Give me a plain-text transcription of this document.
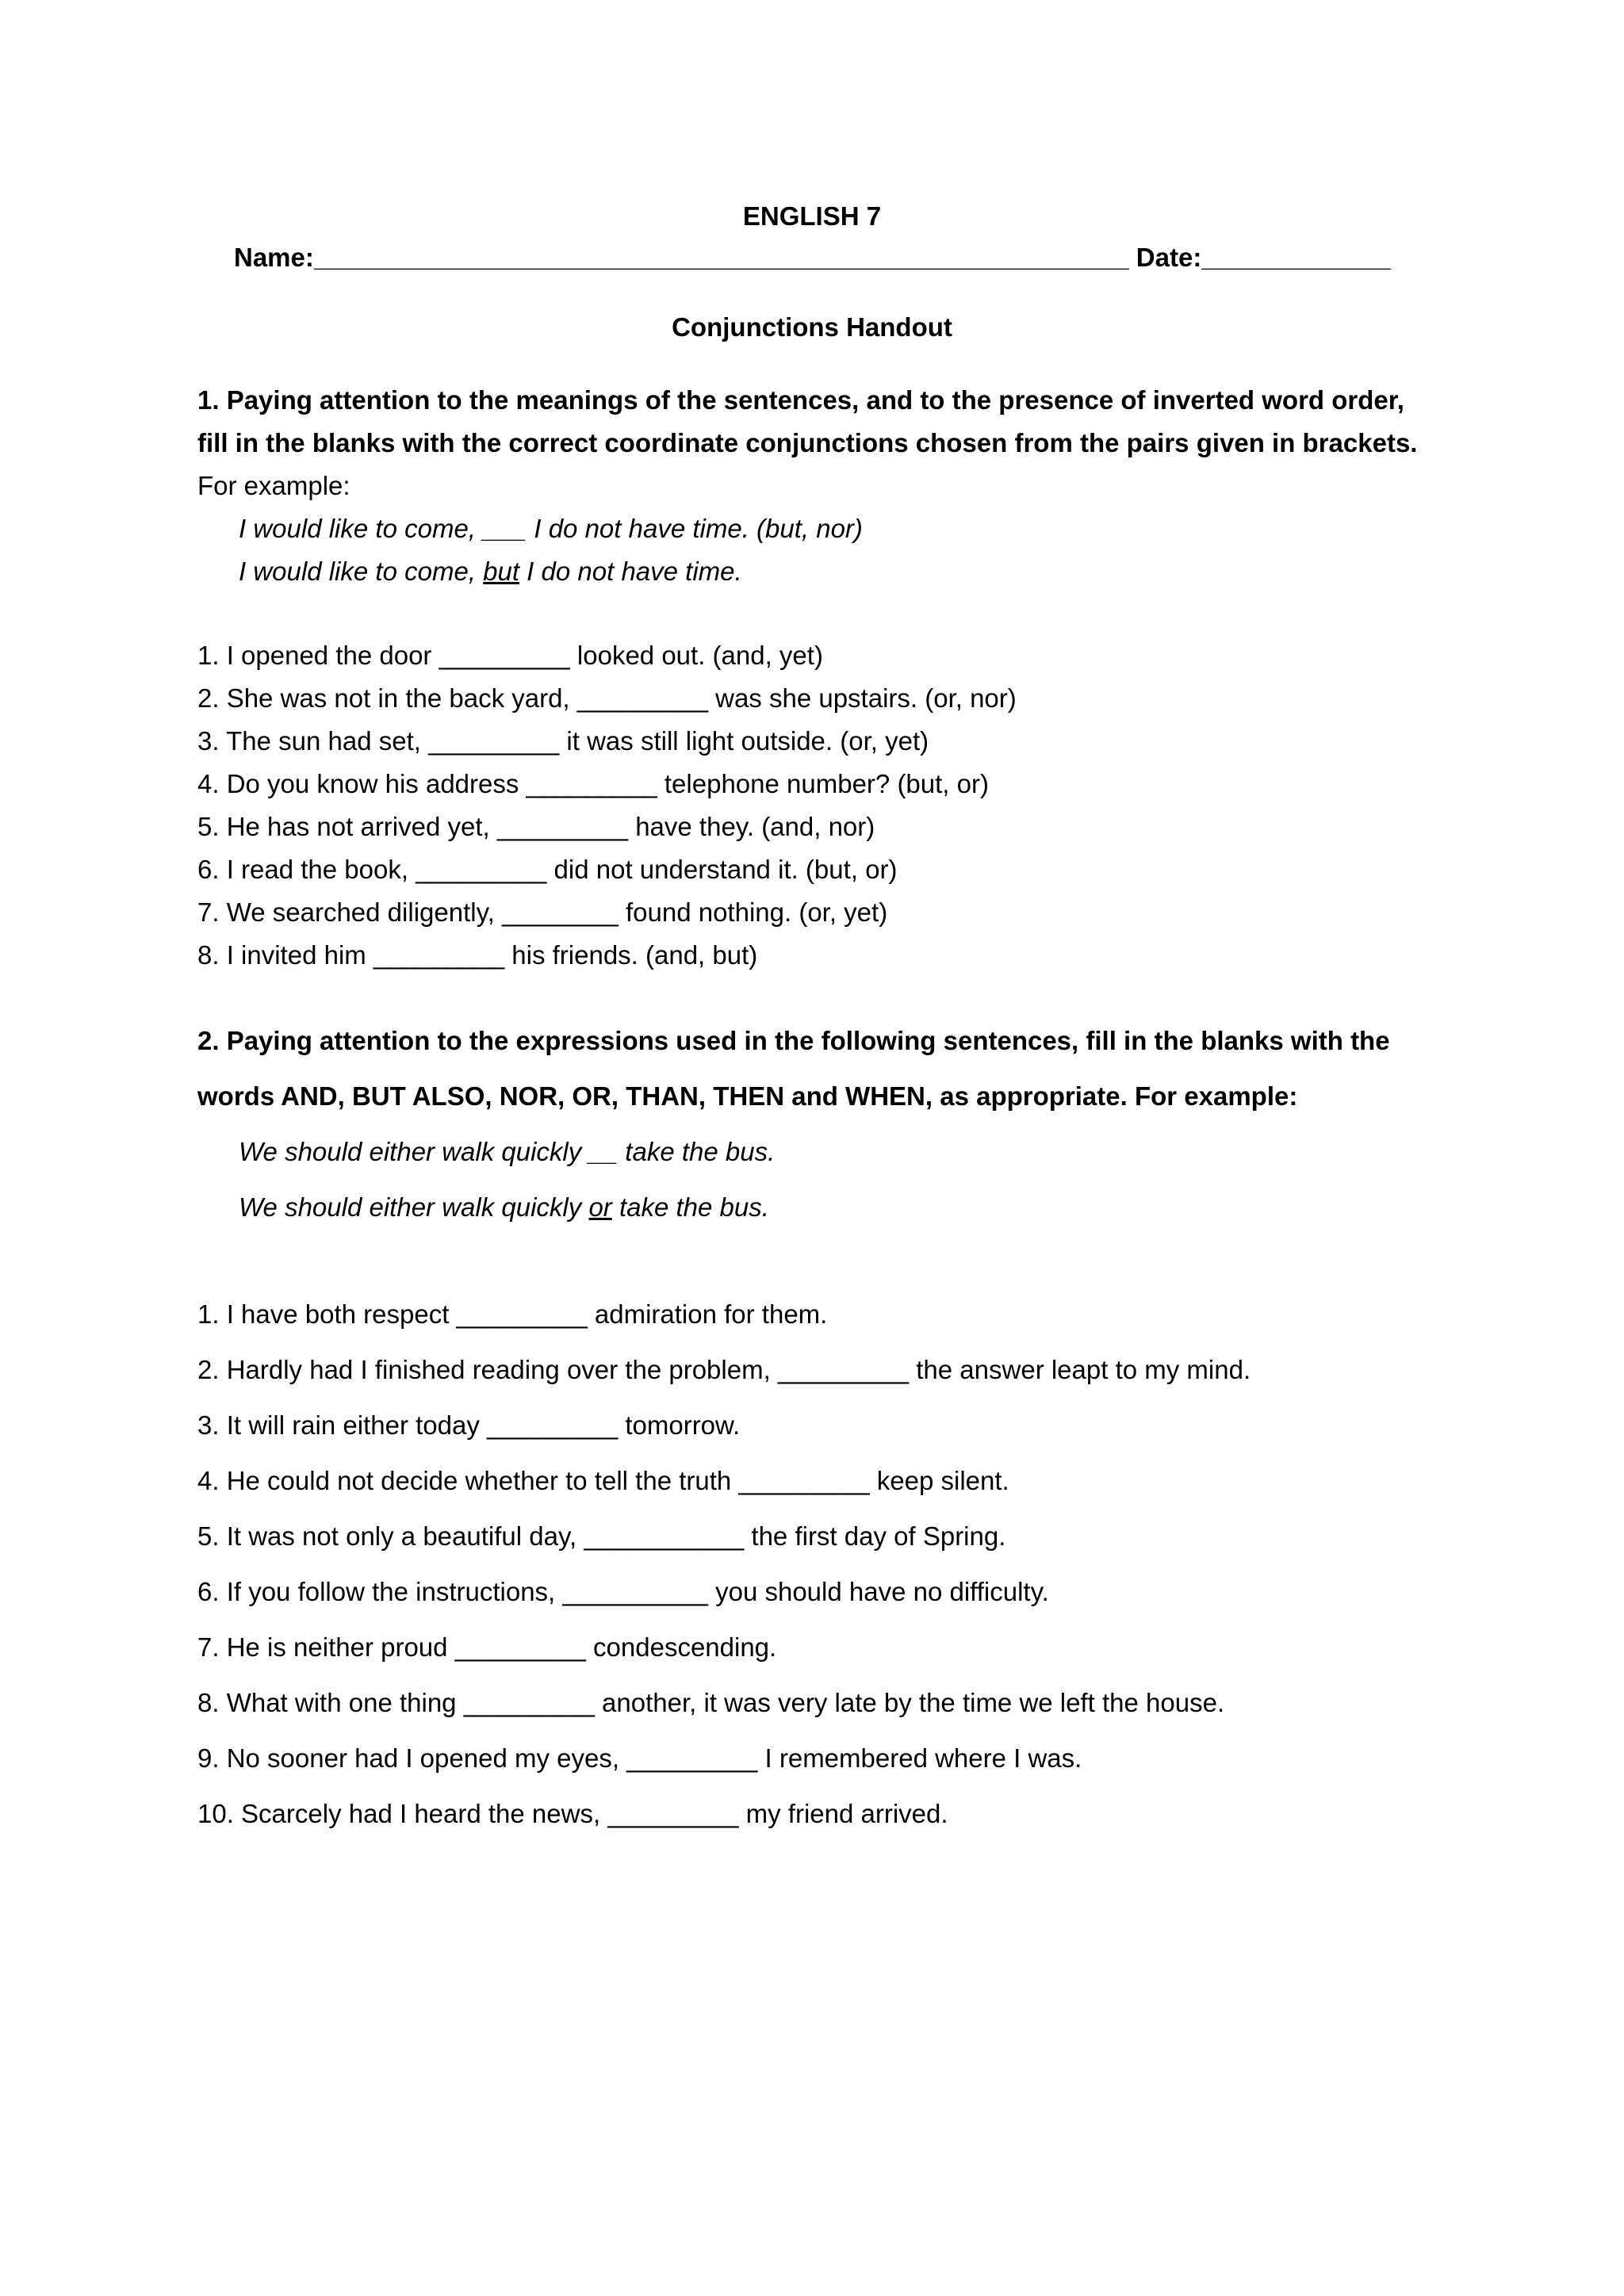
ENGLISH 7
Name:________________________________________________________ Date:_____________
Conjunctions Handout
1. Paying attention to the meanings of the sentences, and to the presence of inverted word order,
fill in the blanks with the correct coordinate conjunctions chosen from the pairs given in brackets.
For example:
I would like to come, ___ I do not have time. (but, nor)
I would like to come, but I do not have time.
1. I opened the door _________ looked out. (and, yet)
2. She was not in the back yard, _________ was she upstairs. (or, nor)
3. The sun had set, _________ it was still light outside. (or, yet)
4. Do you know his address _________ telephone number? (but, or)
5. He has not arrived yet, _________ have they. (and, nor)
6. I read the book, _________ did not understand it. (but, or)
7. We searched diligently, ________ found nothing. (or, yet)
8. I invited him _________ his friends. (and, but)
2. Paying attention to the expressions used in the following sentences, fill in the blanks with the
words AND, BUT ALSO, NOR, OR, THAN, THEN and WHEN, as appropriate. For example:
We should either walk quickly __ take the bus.
We should either walk quickly or take the bus.
1. I have both respect _________ admiration for them.
2. Hardly had I finished reading over the problem, _________ the answer leapt to my mind.
3. It will rain either today _________ tomorrow.
4. He could not decide whether to tell the truth _________ keep silent.
5. It was not only a beautiful day, ___________ the first day of Spring.
6. If you follow the instructions, __________ you should have no difficulty.
7. He is neither proud _________ condescending.
8. What with one thing _________ another, it was very late by the time we left the house.
9. No sooner had I opened my eyes, _________ I remembered where I was.
10. Scarcely had I heard the news, _________ my friend arrived.
